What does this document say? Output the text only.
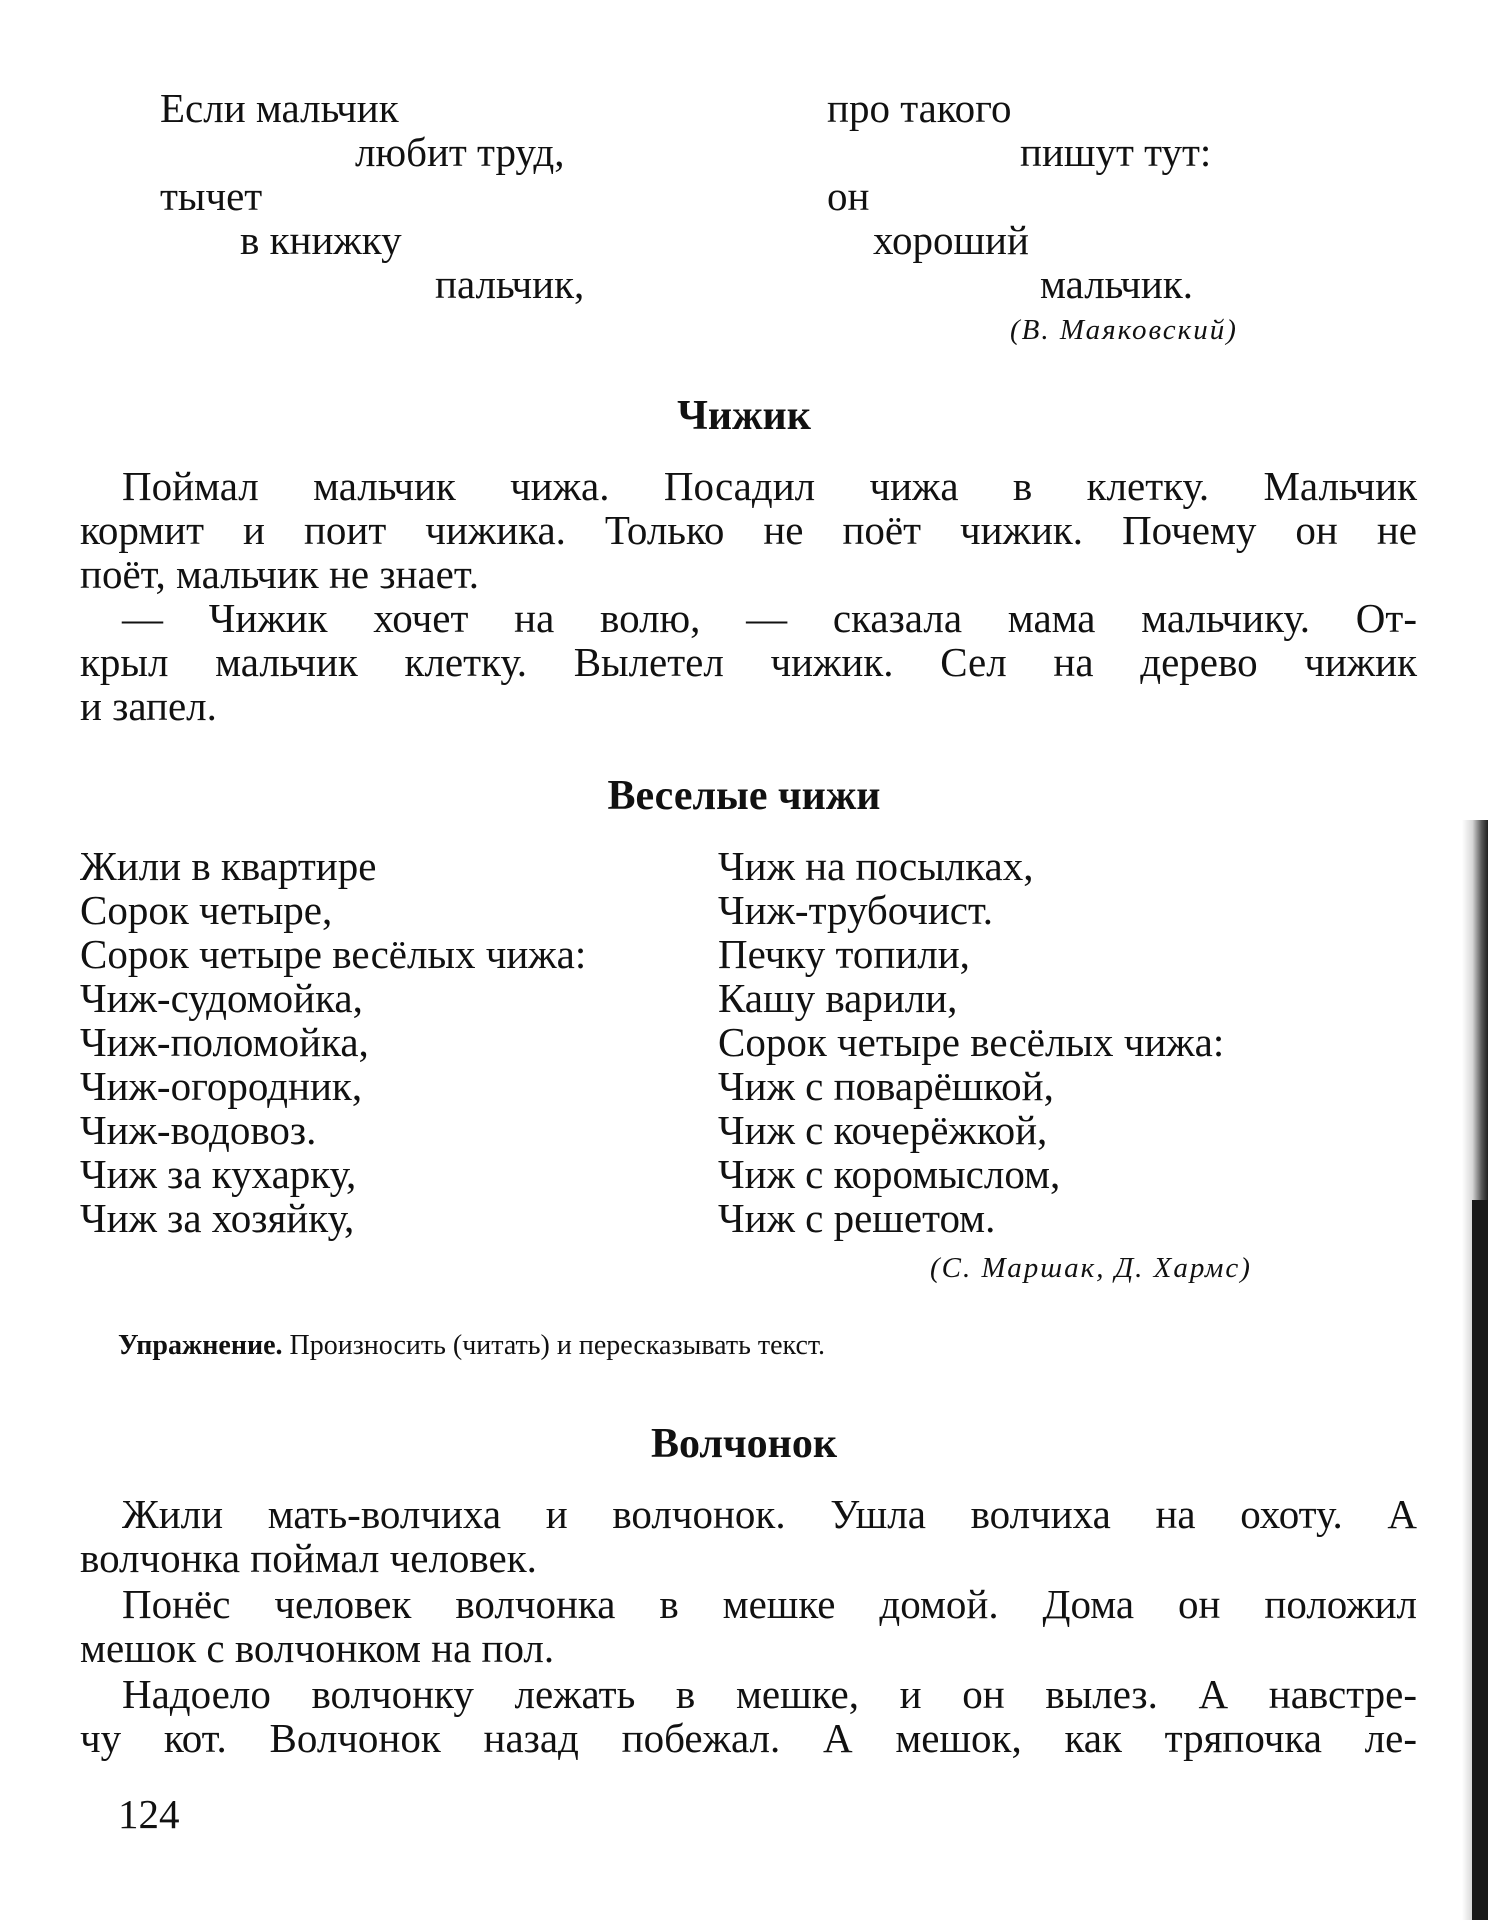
Если мальчик
любит труд,
тычет
в книжку
пальчик,
про такого
пишут тут:
он
хороший
мальчик.
(В. Маяковский)
Чижик
Поймал мальчик чижа. Посадил чижа в клетку. Мальчик
кормит и поит чижика. Только не поёт чижик. Почему он не
поёт, мальчик не знает.
— Чижик хочет на волю, — сказала мама мальчику. От-
крыл мальчик клетку. Вылетел чижик. Сел на дерево чижик
и запел.
Веселые чижи
Жили в квартире
Сорок четыре,
Сорок четыре весёлых чижа:
Чиж-судомойка,
Чиж-поломойка,
Чиж-огородник,
Чиж-водовоз.
Чиж за кухарку,
Чиж за хозяйку,
Чиж на посылках,
Чиж-трубочист.
Печку топили,
Кашу варили,
Сорок четыре весёлых чижа:
Чиж с поварёшкой,
Чиж с кочерёжкой,
Чиж с коромыслом,
Чиж с решетом.
(С. Маршак, Д. Хармс)
Упражнение. Произносить (читать) и пересказывать текст.
Волчонок
Жили мать-волчиха и волчонок. Ушла волчиха на охоту. А
волчонка поймал человек.
Понёс человек волчонка в мешке домой. Дома он положил
мешок с волчонком на пол.
Надоело волчонку лежать в мешке, и он вылез. А навстре-
чу кот. Волчонок назад побежал. А мешок, как тряпочка ле-
124
